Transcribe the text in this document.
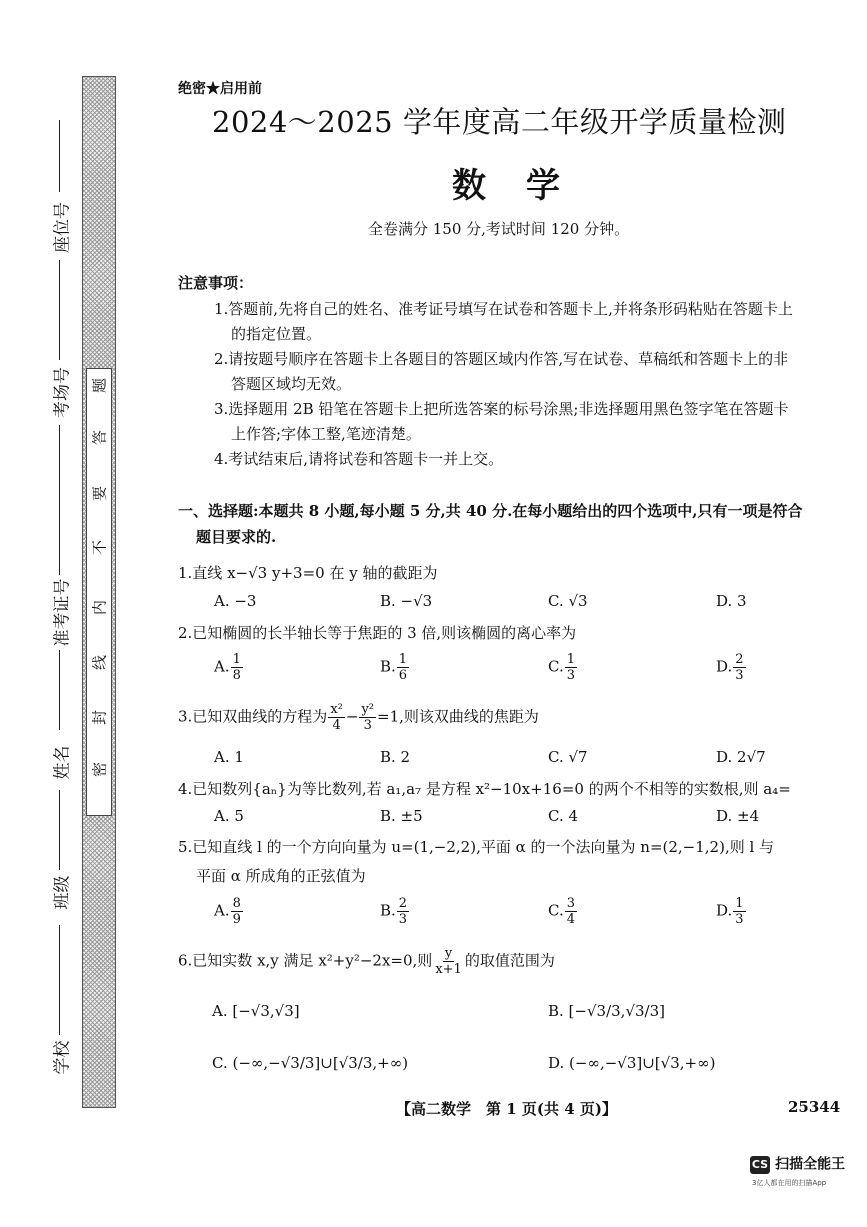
密
封
线
内
不
要
答
题
座位号
考场号
准考证号
姓名
班级
学校
绝密★启用前
2024～2025 学年度高二年级开学质量检测
数学
全卷满分 150 分,考试时间 120 分钟。
注意事项：
1.答题前,先将自己的姓名、准考证号填写在试卷和答题卡上,并将条形码粘贴在答题卡上
的指定位置。
2.请按题号顺序在答题卡上各题目的答题区域内作答,写在试卷、草稿纸和答题卡上的非
答题区域均无效。
3.选择题用 2B 铅笔在答题卡上把所选答案的标号涂黑;非选择题用黑色签字笔在答题卡
上作答;字体工整,笔迹清楚。
4.考试结束后,请将试卷和答题卡一并上交。
一、选择题:本题共 8 小题,每小题 5 分,共 40 分.在每小题给出的四个选项中,只有一项是符合
题目要求的.
1.直线 x−√3 y+3=0 在 y 轴的截距为
A. −3	B. −√3	C. √3	D. 3
2.已知椭圆的长半轴长等于焦距的 3 倍,则该椭圆的离心率为
A. $\frac{1}{8}$	B. $\frac{1}{6}$	C. $\frac{1}{3}$	D. $\frac{2}{3}$
3.已知双曲线的方程为 $\frac{\text{x²}}{4} - \frac{\text{y²}}{3} =1$,则该双曲线的焦距为
A. 1	B. 2	C. √7	D. 2√7
4.已知数列{aₙ}为等比数列,若 a₁,a₇ 是方程 x²−10x+16=0 的两个不相等的实数根,则 a₄=
A. 5	B. ±5	C. 4	D. ±4
5.已知直线 l 的一个方向向量为 u=(1,−2,2),平面 α 的一个法向量为 n=(2,−1,2),则 l 与
平面 α 所成角的正弦值为
A. $\frac{8}{9}$	B. $\frac{2}{3}$	C. $\frac{3}{4}$	D. $\frac{1}{3}$
6.已知实数 x,y 满足 x²+y²−2x=0,则 $\frac{y}{x+1}$ 的取值范围为
A. [−√3,√3]	B. [−√3/3,√3/3]
C. (−∞,−√3/3]∪[√3/3,+∞)	D. (−∞,−√3]∪[√3,+∞)
【高二数学　第 1 页(共 4 页)】	25344
CS 扫描全能王
3亿人都在用的扫描App
